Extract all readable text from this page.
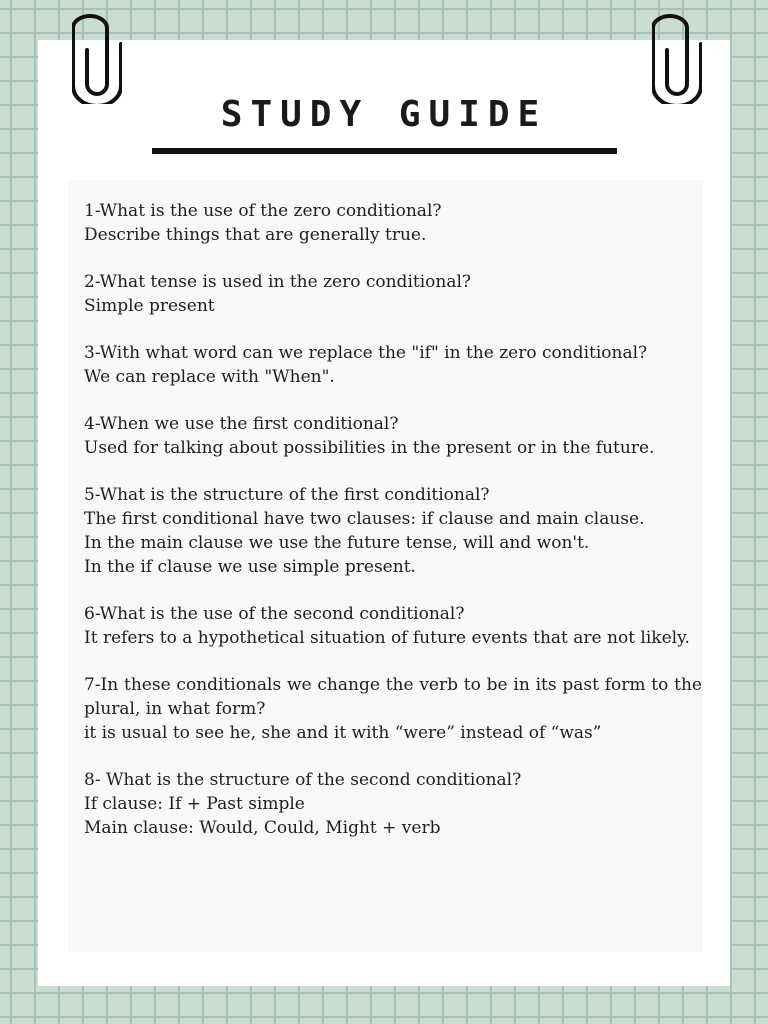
STUDY GUIDE

1-What is the use of the zero conditional?

Describe things that are generally true.

2-What tense is used in the zero conditional?

Simple present

3-With what word can we replace the "if" in the zero conditional?

We can replace with "When".

4-When we use the first conditional?

Used for talking about possibilities in the present or in the future.

5-What is the structure of the first conditional?

The first conditional have two clauses: if clause and main clause.

In the main clause we use the future tense, will and won't.

In the if clause we use simple present.

6-What is the use of the second conditional?

It refers to a hypothetical situation of future events that are not likely.

7-In these conditionals we change the verb to be in its past form to the plural, in what form?

it is usual to see he, she and it with “were” instead of “was”

8- What is the structure of the second conditional?

If clause: If + Past simple

Main clause: Would, Could, Might + verb
